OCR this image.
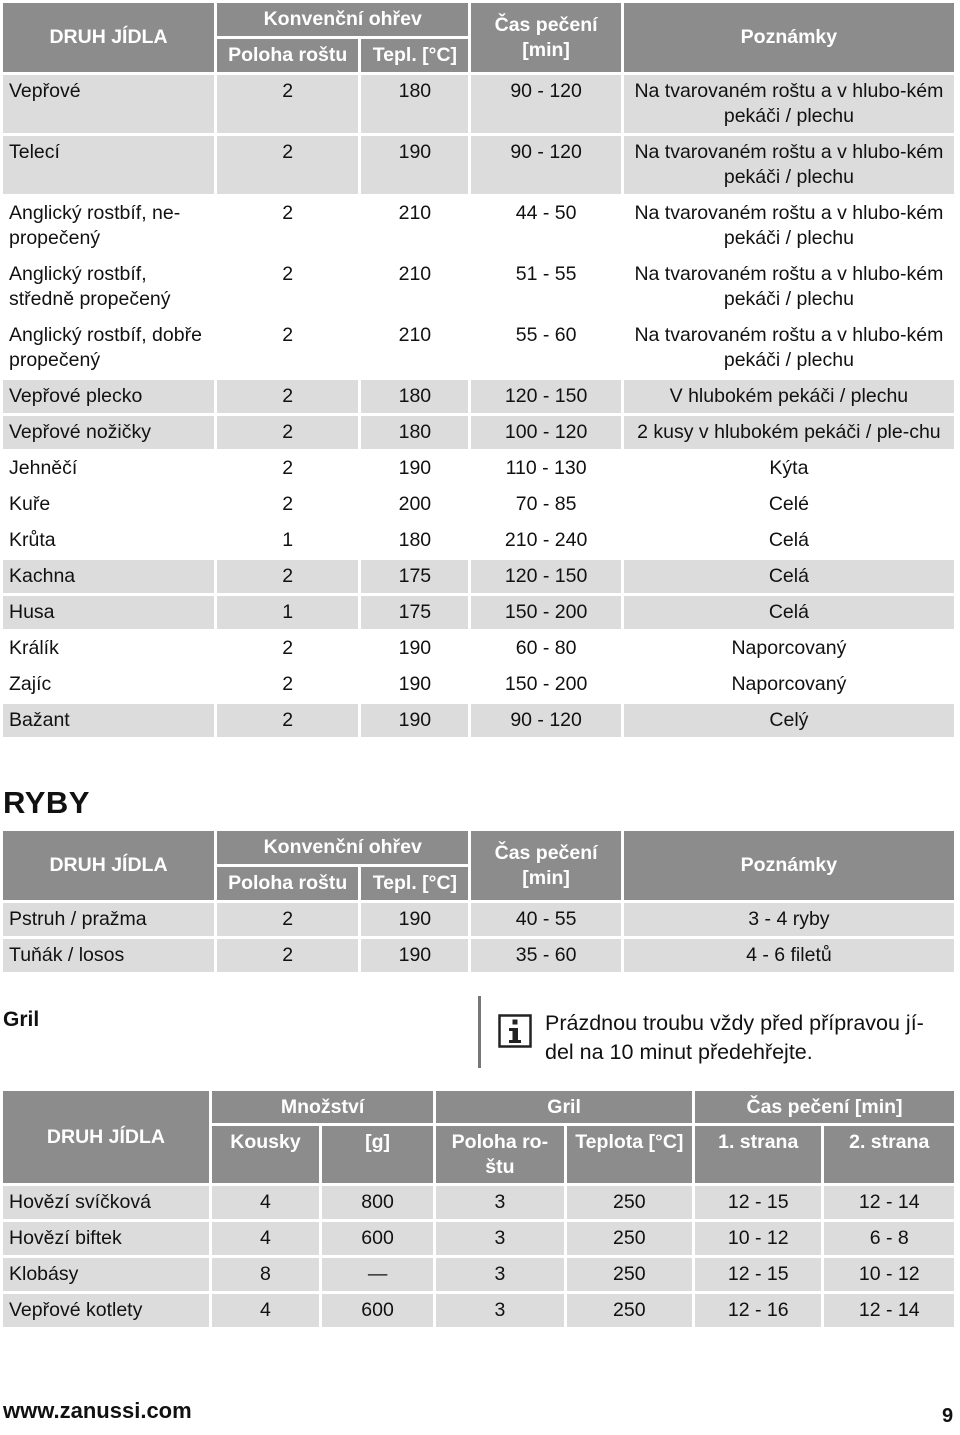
DRUH JÍDLA	Konvenční ohřev		Čas pečení [min]	Poznámky
	Poloha roštu	Tepl. [°C]		
Vepřové	2	180	90 - 120	Na tvarovaném roštu a v hlubo-kém pekáči / plechu
Telecí	2	190	90 - 120	Na tvarovaném roštu a v hlubo-kém pekáči / plechu
Anglický rostbíf, ne-propečený	2	210	44 - 50	Na tvarovaném roštu a v hlubo-kém pekáči / plechu
Anglický rostbíf, středně propečený	2	210	51 - 55	Na tvarovaném roštu a v hlubo-kém pekáči / plechu
Anglický rostbíf, dobře propečený	2	210	55 - 60	Na tvarovaném roštu a v hlubo-kém pekáči / plechu
Vepřové plecko	2	180	120 - 150	V hlubokém pekáči / plechu
Vepřové nožičky	2	180	100 - 120	2 kusy v hlubokém pekáči / ple-chu
Jehněčí	2	190	110 - 130	Kýta
Kuře	2	200	70 - 85	Celé
Krůta	1	180	210 - 240	Celá
Kachna	2	175	120 - 150	Celá
Husa	1	175	150 - 200	Celá
Králík	2	190	60 - 80	Naporcovaný
Zajíc	2	190	150 - 200	Naporcovaný
Bažant	2	190	90 - 120	Celý
RYBY
DRUH JÍDLA	Konvenční ohřev		Čas pečení [min]	Poznámky
	Poloha roštu	Tepl. [°C]		
Pstruh / pražma	2	190	40 - 55	3 - 4 ryby
Tuňák / losos	2	190	35 - 60	4 - 6 filetů
Gril	Prázdnou troubu vždy před přípravou jí-del na 10 minut předehřejte.
DRUH JÍDLA	Množství		Gril		Čas pečení [min]	
	Kousky	[g]	Poloha ro-štu	Teplota [°C]	1. strana	2. strana
Hovězí svíčková	4	800	3	250	12 - 15	12 - 14
Hovězí biftek	4	600	3	250	10 - 12	6 - 8
Klobásy	8	—	3	250	12 - 15	10 - 12
Vepřové kotlety	4	600	3	250	12 - 16	12 - 14
www.zanussi.com	9
